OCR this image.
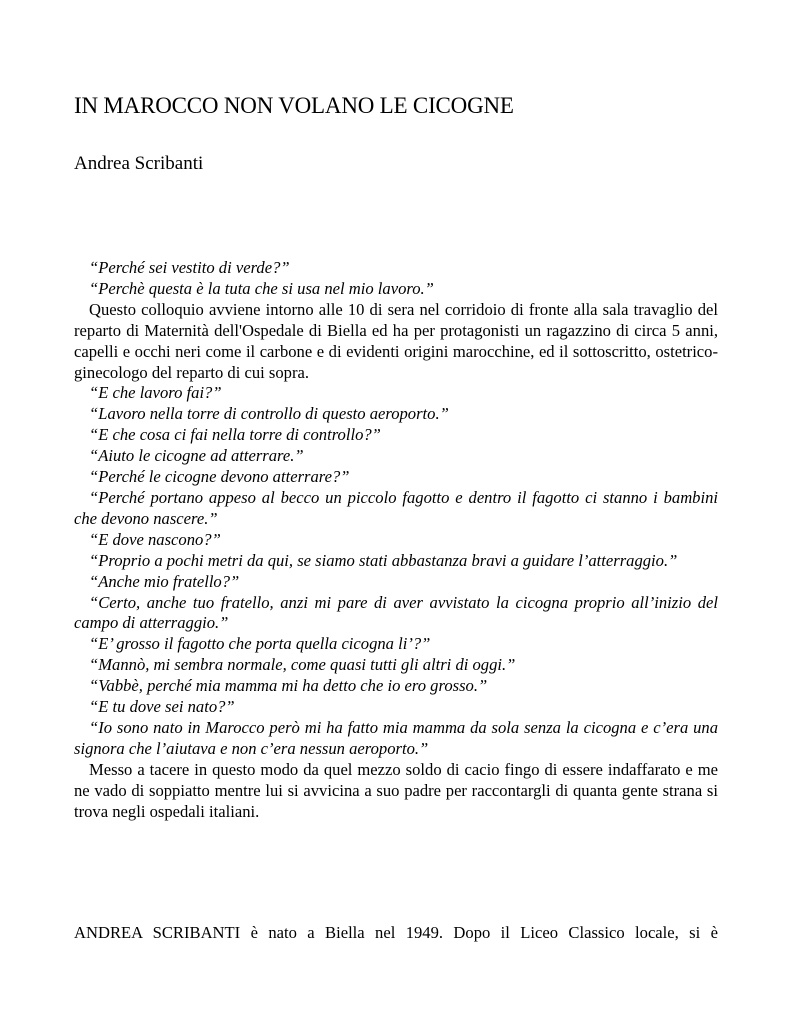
IN MAROCCO NON VOLANO LE CICOGNE
Andrea Scribanti

“Perché sei vestito di verde?”

“Perchè questa è la tuta che si usa nel mio lavoro.”

Questo colloquio avviene intorno alle 10 di sera nel corridoio di fronte alla sala travaglio del reparto di Maternità dell'Ospedale di Biella ed ha per protagonisti un ragazzino di circa 5 anni, capelli e occhi neri come il carbone e di evidenti origini marocchine, ed il sottoscritto, ostetrico-ginecologo del reparto di cui sopra.

“E che lavoro fai?”

“Lavoro nella torre di controllo di questo aeroporto.”

“E che cosa ci fai nella torre di controllo?”

“Aiuto le cicogne ad atterrare.”

“Perché le cicogne devono atterrare?”

“Perché portano appeso al becco un piccolo fagotto e dentro il fagotto ci stanno i bambini che devono nascere.”

“E dove nascono?”

“Proprio a pochi metri da qui, se siamo stati abbastanza bravi a guidare l’atterraggio.”

“Anche mio fratello?”

“Certo, anche tuo fratello, anzi mi pare di aver avvistato la cicogna proprio all’inizio del campo di atterraggio.”

“E’ grosso il fagotto che porta quella cicogna li’?”

“Mannò, mi sembra normale, come quasi tutti gli altri di oggi.”

“Vabbè, perché mia mamma mi ha detto che io ero grosso.”

“E tu dove sei nato?”

“Io sono nato in Marocco però mi ha fatto mia mamma da sola senza la cicogna e c’era una signora che l’aiutava e non c’era nessun aeroporto.”

Messo a tacere in questo modo da quel mezzo soldo di cacio fingo di essere indaffarato e me ne vado di soppiatto mentre lui si avvicina a suo padre per raccontargli di quanta gente strana si trova negli ospedali italiani.

ANDREA SCRIBANTI è nato a Biella nel 1949. Dopo il Liceo Classico locale, si è
